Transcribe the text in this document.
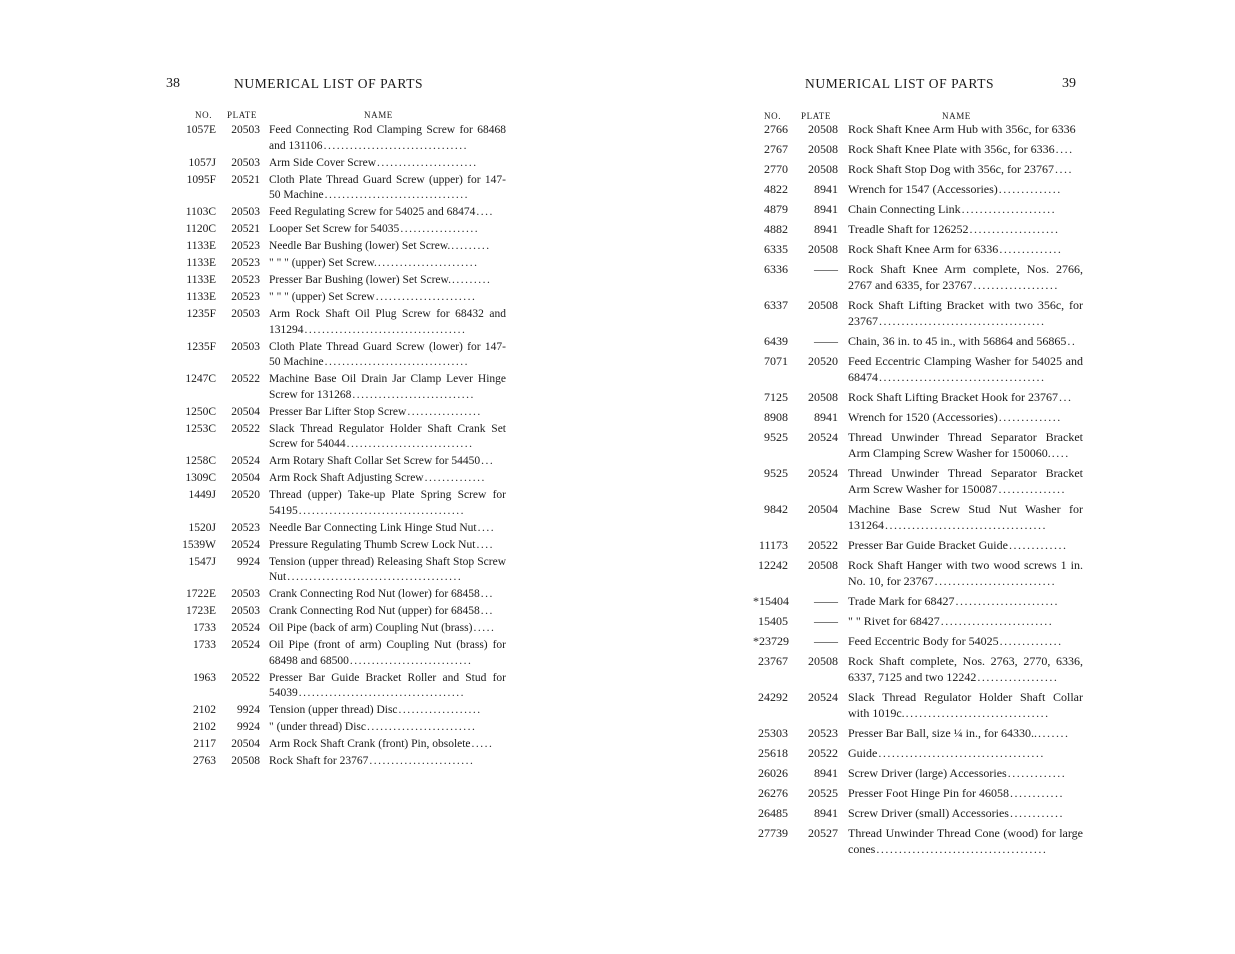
38	NUMERICAL LIST OF PARTS
NO. PLATE	NAME
1057E	20503 Feed Connecting Rod Clamping Screw for 68468 and 131106.................................
1057J	20503 Arm Side Cover Screw.......................
1095F	20521 Cloth Plate Thread Guard Screw (upper) for 147-50 Machine.................................
1103C	20503 Feed Regulating Screw for 54025 and 68474....
1120C	20521 Looper Set Screw for 54035..................
1133E	20523 Needle Bar Bushing (lower) Set Screw..........
1133E	20523 " " " (upper) Set Screw........................
1133E	20523 Presser Bar Bushing (lower) Set Screw..........
1133E	20523 " " " (upper) Set Screw.......................
1235F	20503 Arm Rock Shaft Oil Plug Screw for 68432 and 131294.....................................
1235F	20503 Cloth Plate Thread Guard Screw (lower) for 147-50 Machine.................................
1247C	20522 Machine Base Oil Drain Jar Clamp Lever Hinge Screw for 131268............................
1250C	20504 Presser Bar Lifter Stop Screw.................
1253C	20522 Slack Thread Regulator Holder Shaft Crank Set Screw for 54044.............................
1258C	20524 Arm Rotary Shaft Collar Set Screw for 54450...
1309C	20504 Arm Rock Shaft Adjusting Screw..............
1449J	20520 Thread (upper) Take-up Plate Spring Screw for 54195......................................
1520J	20523 Needle Bar Connecting Link Hinge Stud Nut....
1539W	20524 Pressure Regulating Thumb Screw Lock Nut....
1547J	9924 Tension (upper thread) Releasing Shaft Stop Screw Nut........................................
1722E	20503 Crank Connecting Rod Nut (lower) for 68458...
1723E	20503 Crank Connecting Rod Nut (upper) for 68458...
1733	20524 Oil Pipe (back of arm) Coupling Nut (brass).....
1733	20524 Oil Pipe (front of arm) Coupling Nut (brass) for 68498 and 68500............................
1963	20522 Presser Bar Guide Bracket Roller and Stud for 54039......................................
2102	9924 Tension (upper thread) Disc...................
2102	9924 " (under thread) Disc.........................
2117	20504 Arm Rock Shaft Crank (front) Pin, obsolete.....
2763	20508 Rock Shaft for 23767........................
39
NUMERICAL LIST OF PARTS
NO. PLATE	NAME
2766	20508 Rock Shaft Knee Arm Hub with 356c, for 6336
2767	20508 Rock Shaft Knee Plate with 356c, for 6336....
2770	20508 Rock Shaft Stop Dog with 356c, for 23767....
4822	8941 Wrench for 1547 (Accessories)..............
4879	8941 Chain Connecting Link.....................
4882	8941 Treadle Shaft for 126252....................
6335	20508 Rock Shaft Knee Arm for 6336..............
6336	—— Rock Shaft Knee Arm complete, Nos. 2766, 2767 and 6335, for 23767...................
6337	20508 Rock Shaft Lifting Bracket with two 356c, for 23767.....................................
6439	—— Chain, 36 in. to 45 in., with 56864 and 56865..
7071	20520 Feed Eccentric Clamping Washer for 54025 and 68474.....................................
7125	20508 Rock Shaft Lifting Bracket Hook for 23767...
8908	8941 Wrench for 1520 (Accessories)..............
9525	20524 Thread Unwinder Thread Separator Bracket Arm Clamping Screw Washer for 150060.....
9525	20524 Thread Unwinder Thread Separator Bracket Arm Screw Washer for 150087...............
9842	20504 Machine Base Screw Stud Nut Washer for 131264....................................
11173	20522 Presser Bar Guide Bracket Guide.............
12242	20508 Rock Shaft Hanger with two wood screws 1 in. No. 10, for 23767...........................
*15404	—— Trade Mark for 68427.......................
15405	—— " " Rivet for 68427.........................
*23729	—— Feed Eccentric Body for 54025..............
23767	20508 Rock Shaft complete, Nos. 2763, 2770, 6336, 6337, 7125 and two 12242..................
24292	20524 Slack Thread Regulator Holder Shaft Collar with 1019c.................................
25303	20523 Presser Bar Ball, size ¼ in., for 64330.........
25618	20522 Guide.....................................
26026	8941 Screw Driver (large) Accessories.............
26276	20525 Presser Foot Hinge Pin for 46058............
26485	8941 Screw Driver (small) Accessories............
27739	20527 Thread Unwinder Thread Cone (wood) for large cones......................................
